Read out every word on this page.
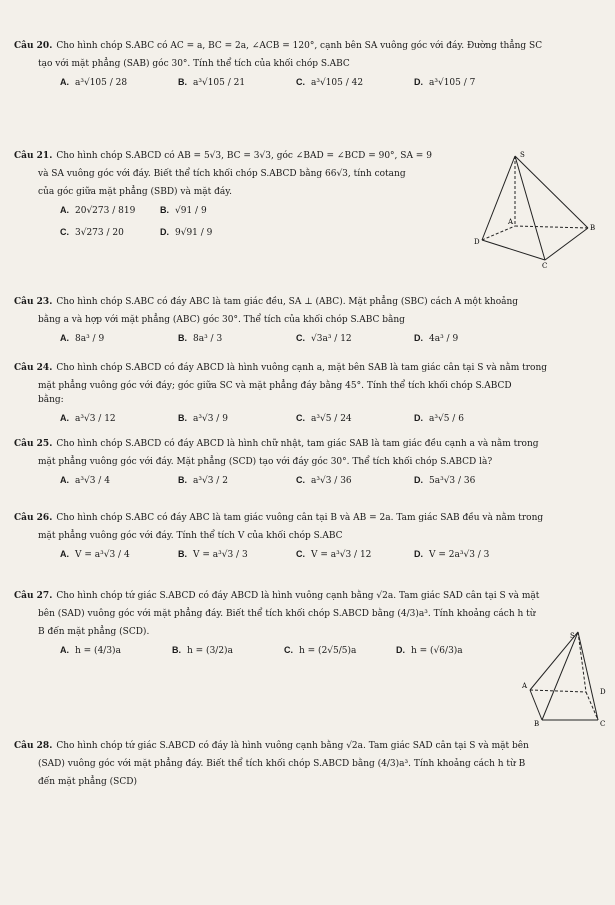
Câu 20. Cho hình chóp S.ABC có AC = a, BC = 2a, ∠ACB = 120°, cạnh bên SA vuông góc với đáy. Đường thẳng SC

tạo với mặt phẳng (SAB) góc 30°. Tính thể tích của khối chóp S.ABC

A. a³√105 / 28	B. a³√105 / 21	C. a³√105 / 42	D. a³√105 / 7

Câu 21. Cho hình chóp S.ABCD có AB = 5√3, BC = 3√3, góc ∠BAD = ∠BCD = 90°, SA = 9

và SA vuông góc với đáy. Biết thể tích khối chóp S.ABCD bằng 66√3, tính cotang

của góc giữa mặt phẳng (SBD) và mặt đáy.

A. 20√273 / 819	B. √91 / 9
C. 3√273 / 20	D. 9√91 / 9
S
A
B
C
D

Câu 23. Cho hình chóp S.ABC có đáy ABC là tam giác đều, SA ⊥ (ABC). Mặt phẳng (SBC) cách A một khoảng

bằng a và hợp với mặt phẳng (ABC) góc 30°. Thể tích của khối chóp S.ABC bằng

A. 8a³ / 9	B. 8a³ / 3	C. √3a³ / 12	D. 4a³ / 9

Câu 24. Cho hình chóp S.ABCD có đáy ABCD là hình vuông cạnh a, mặt bên SAB là tam giác cân tại S và nằm trong

mặt phẳng vuông góc với đáy; góc giữa SC và mặt phẳng đáy bằng 45°. Tính thể tích khối chóp S.ABCD

bằng:

A. a³√3 / 12	B. a³√3 / 9	C. a³√5 / 24	D. a³√5 / 6

Câu 25. Cho hình chóp S.ABCD có đáy ABCD là hình chữ nhật, tam giác SAB là tam giác đều cạnh a và nằm trong

mặt phẳng vuông góc với đáy. Mặt phẳng (SCD) tạo với đáy góc 30°. Thể tích khối chóp S.ABCD là?

A. a³√3 / 4	B. a³√3 / 2	C. a³√3 / 36	D. 5a³√3 / 36

Câu 26. Cho hình chóp S.ABC có đáy ABC là tam giác vuông cân tại B và AB = 2a. Tam giác SAB đều và nằm trong

mặt phẳng vuông góc với đáy. Tính thể tích V của khối chóp S.ABC

A. V = a³√3 / 4	B. V = a³√3 / 3	C. V = a³√3 / 12	D. V = 2a³√3 / 3

Câu 27. Cho hình chóp tứ giác S.ABCD có đáy ABCD là hình vuông cạnh bằng √2a. Tam giác SAD cân tại S và mặt

bên (SAD) vuông góc với mặt phẳng đáy. Biết thể tích khối chóp S.ABCD bằng (4/3)a³. Tính khoảng cách h từ

B đến mặt phẳng (SCD).

A. h = (4/3)a	B. h = (3/2)a	C. h = (2√5/5)a	D. h = (√6/3)a
S
A
B	C
D

Câu 28. Cho hình chóp tứ giác S.ABCD có đáy là hình vuông cạnh bằng √2a. Tam giác SAD cân tại S và mặt bên

(SAD) vuông góc với mặt phẳng đáy. Biết thể tích khối chóp S.ABCD bằng (4/3)a³. Tính khoảng cách h từ B

đến mặt phẳng (SCD)
